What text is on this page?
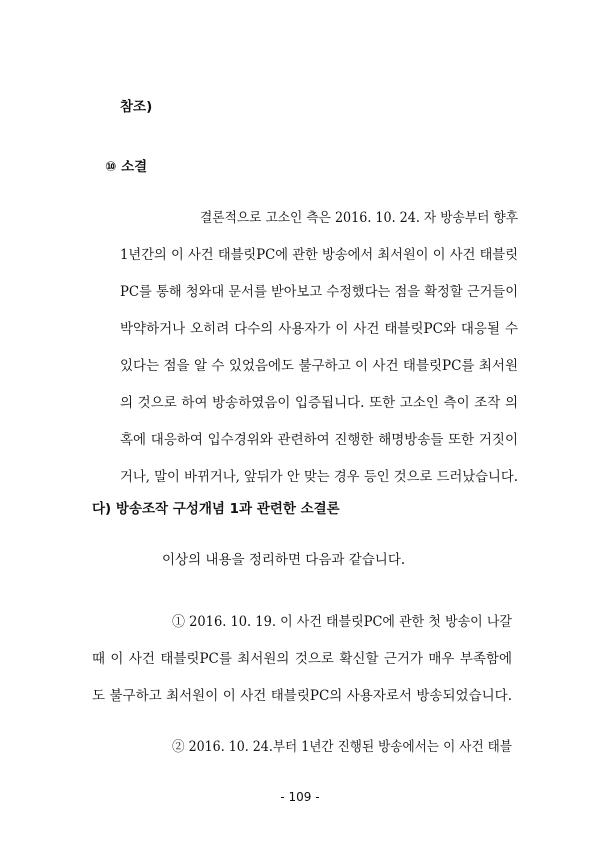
참조)
⑩ 소결
결론적으로 고소인 측은 2016. 10. 24. 자 방송부터 향후
1년간의 이 사건 태블릿PC에 관한 방송에서 최서원이 이 사건 태블릿
PC를 통해 청와대 문서를 받아보고 수정했다는 점을 확정할 근거들이
박약하거나 오히려 다수의 사용자가 이 사건 태블릿PC와 대응될 수
있다는 점을 알 수 있었음에도 불구하고 이 사건 태블릿PC를 최서원
의 것으로 하여 방송하였음이 입증됩니다. 또한 고소인 측이 조작 의
혹에 대응하여 입수경위와 관련하여 진행한 해명방송들 또한 거짓이
거나, 말이 바뀌거나, 앞뒤가 안 맞는 경우 등인 것으로 드러났습니다.
다) 방송조작 구성개념 1과 관련한 소결론
이상의 내용을 정리하면 다음과 같습니다.
① 2016. 10. 19. 이 사건 태블릿PC에 관한 첫 방송이 나갈
때 이 사건 태블릿PC를 최서원의 것으로 확신할 근거가 매우 부족함에
도 불구하고 최서원이 이 사건 태블릿PC의 사용자로서 방송되었습니다.
② 2016. 10. 24.부터 1년간 진행된 방송에서는 이 사건 태블
- 109 -
